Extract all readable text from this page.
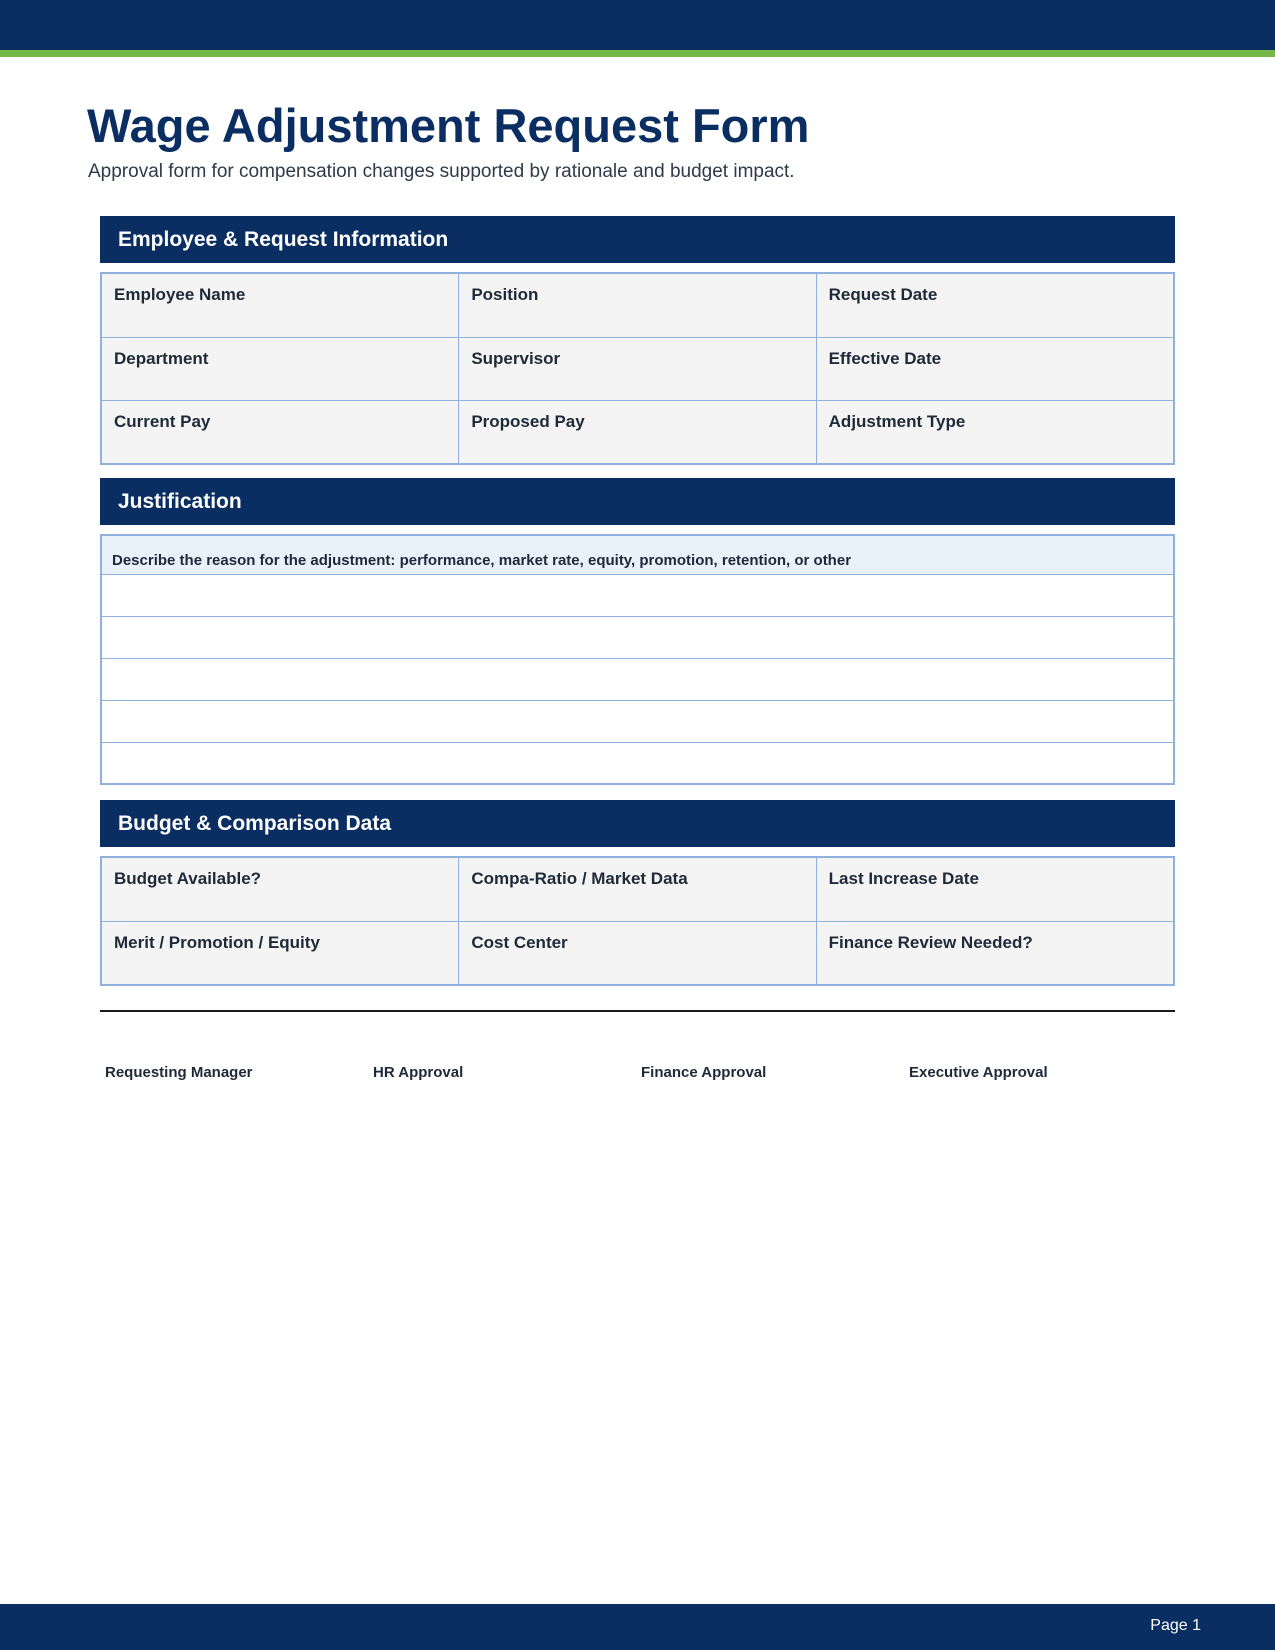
Wage Adjustment Request Form

Approval form for compensation changes supported by rationale and budget impact.

Employee & Request Information
Employee Name	Position	Request Date
Department	Supervisor	Effective Date
Current Pay	Proposed Pay	Adjustment Type
Justification
Describe the reason for the adjustment: performance, market rate, equity, promotion, retention, or other
Budget & Comparison Data
Budget Available?	Compa-Ratio / Market Data	Last Increase Date
Merit / Promotion / Equity	Cost Center	Finance Review Needed?
Requesting Manager	HR Approval	Finance Approval	Executive Approval
Page 1
